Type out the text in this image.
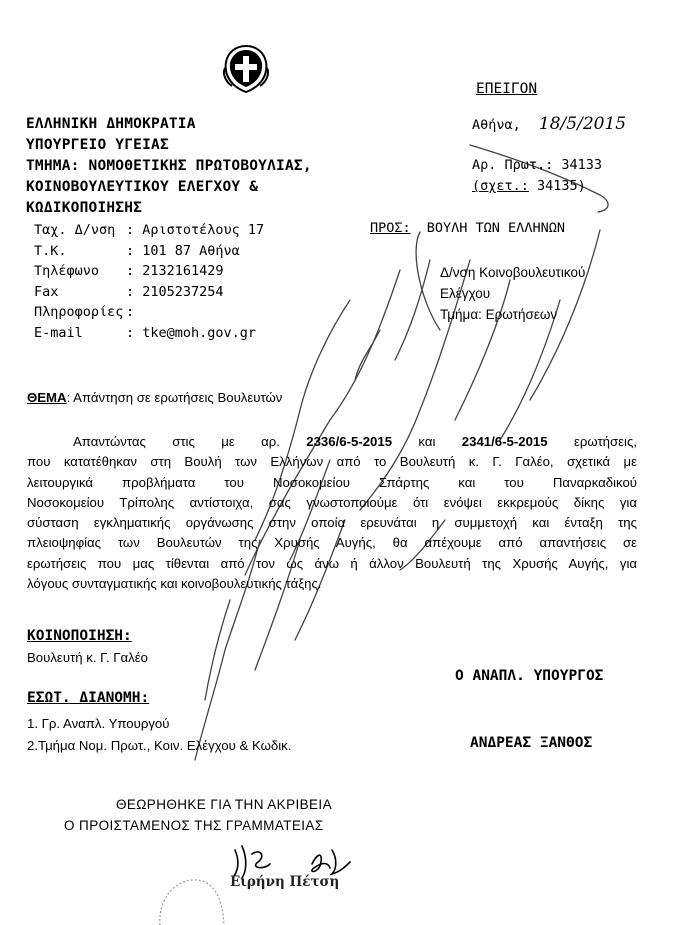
ΕΛΛΗΝΙΚΗ ΔΗΜΟΚΡΑΤΙΑ
ΥΠΟΥΡΓΕΙΟ ΥΓΕΙΑΣ
ΤΜΗΜΑ: ΝΟΜΟΘΕΤΙΚΗΣ ΠΡΩΤΟΒΟΥΛΙΑΣ,
ΚΟΙΝΟΒΟΥΛΕΥΤΙΚΟΥ ΕΛΕΓΧΟΥ &
ΚΩΔΙΚΟΠΟΙΗΣΗΣ
ΕΠΕΙΓΟΝ
Αθήνα, 18/5/2015
Αρ. Πρωτ.: 34133
(σχετ.: 34135)
Ταχ. Δ/νση : Αριστοτέλους 17
Τ.Κ.	: 101 87 Αθήνα
Τηλέφωνο : 2132161429
Fax	: 2105237254
Πληροφορίες :
E-mail	: tke@moh.gov.gr
ΠΡΟΣ: ΒΟΥΛΗ ΤΩΝ ΕΛΛΗΝΩΝ
Δ/νση Κοινοβουλευτικού
Ελέγχου
Τμήμα: Ερωτήσεων
ΘΕΜΑ: Απάντηση σε ερωτήσεις Βουλευτών
Απαντώντας στις με αρ. 2336/6-5-2015 και 2341/6-5-2015 ερωτήσεις,
που κατατέθηκαν στη Βουλή των Ελλήνων από το Βουλευτή κ. Γ. Γαλέο, σχετικά με
λειτουργικά προβλήματα του Νοσοκομείου Σπάρτης και του Παναρκαδικού
Νοσοκομείου Τρίπολης αντίστοιχα, σας γνωστοποιούμε ότι ενόψει εκκρεμούς δίκης για
σύσταση εγκληματικής οργάνωσης στην οποία ερευνάται η συμμετοχή και ένταξη της
πλειοψηφίας των Βουλευτών της Χρυσής Αυγής, θα απέχουμε από απαντήσεις σε
ερωτήσεις που μας τίθενται από τον ως άνω ή άλλον Βουλευτή της Χρυσής Αυγής, για
λόγους συνταγματικής και κοινοβουλευτικής τάξης.
ΚΟΙΝΟΠΟΙΗΣΗ:
Βουλευτή κ. Γ. Γαλέο
Ο ΑΝΑΠΛ. ΥΠΟΥΡΓΟΣ
ΑΝΔΡΕΑΣ ΞΑΝΘΟΣ
ΕΣΩΤ. ΔΙΑΝΟΜΗ:
1. Γρ. Αναπλ. Υπουργού
2.Τμήμα Νομ. Πρωτ., Κοιν. Ελέγχου & Κωδικ.
ΘΕΩΡΗΘΗΚΕ ΓΙΑ ΤΗΝ ΑΚΡΙΒΕΙΑ
Ο ΠΡΟΙΣΤΑΜΕΝΟΣ ΤΗΣ ΓΡΑΜΜΑΤΕΙΑΣ
Ειρήνη Πέτση
